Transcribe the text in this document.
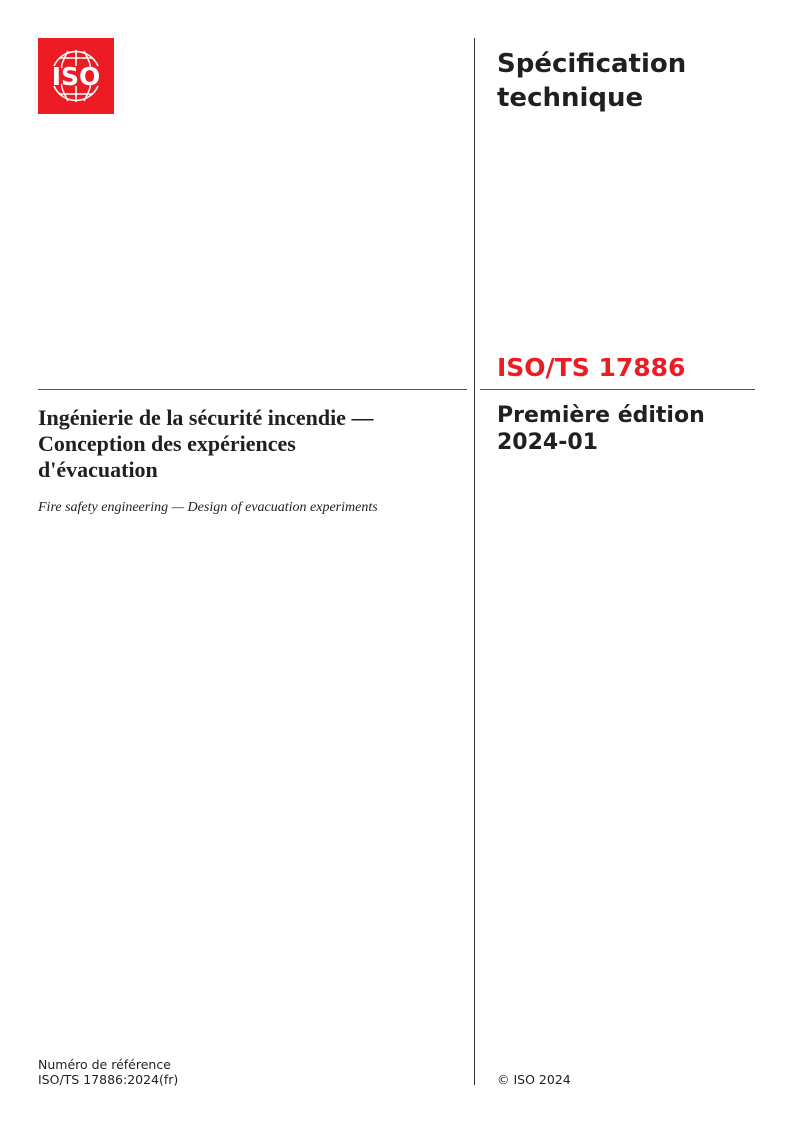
ISO	Spécification
technique
ISO/TS 17886
Première édition
2024-01
Ingénierie de la sécurité incendie —
Conception des expériences
d'évacuation
Fire safety engineering — Design of evacuation experiments
Numéro de référence
ISO/TS 17886:2024(fr)	© ISO 2024
